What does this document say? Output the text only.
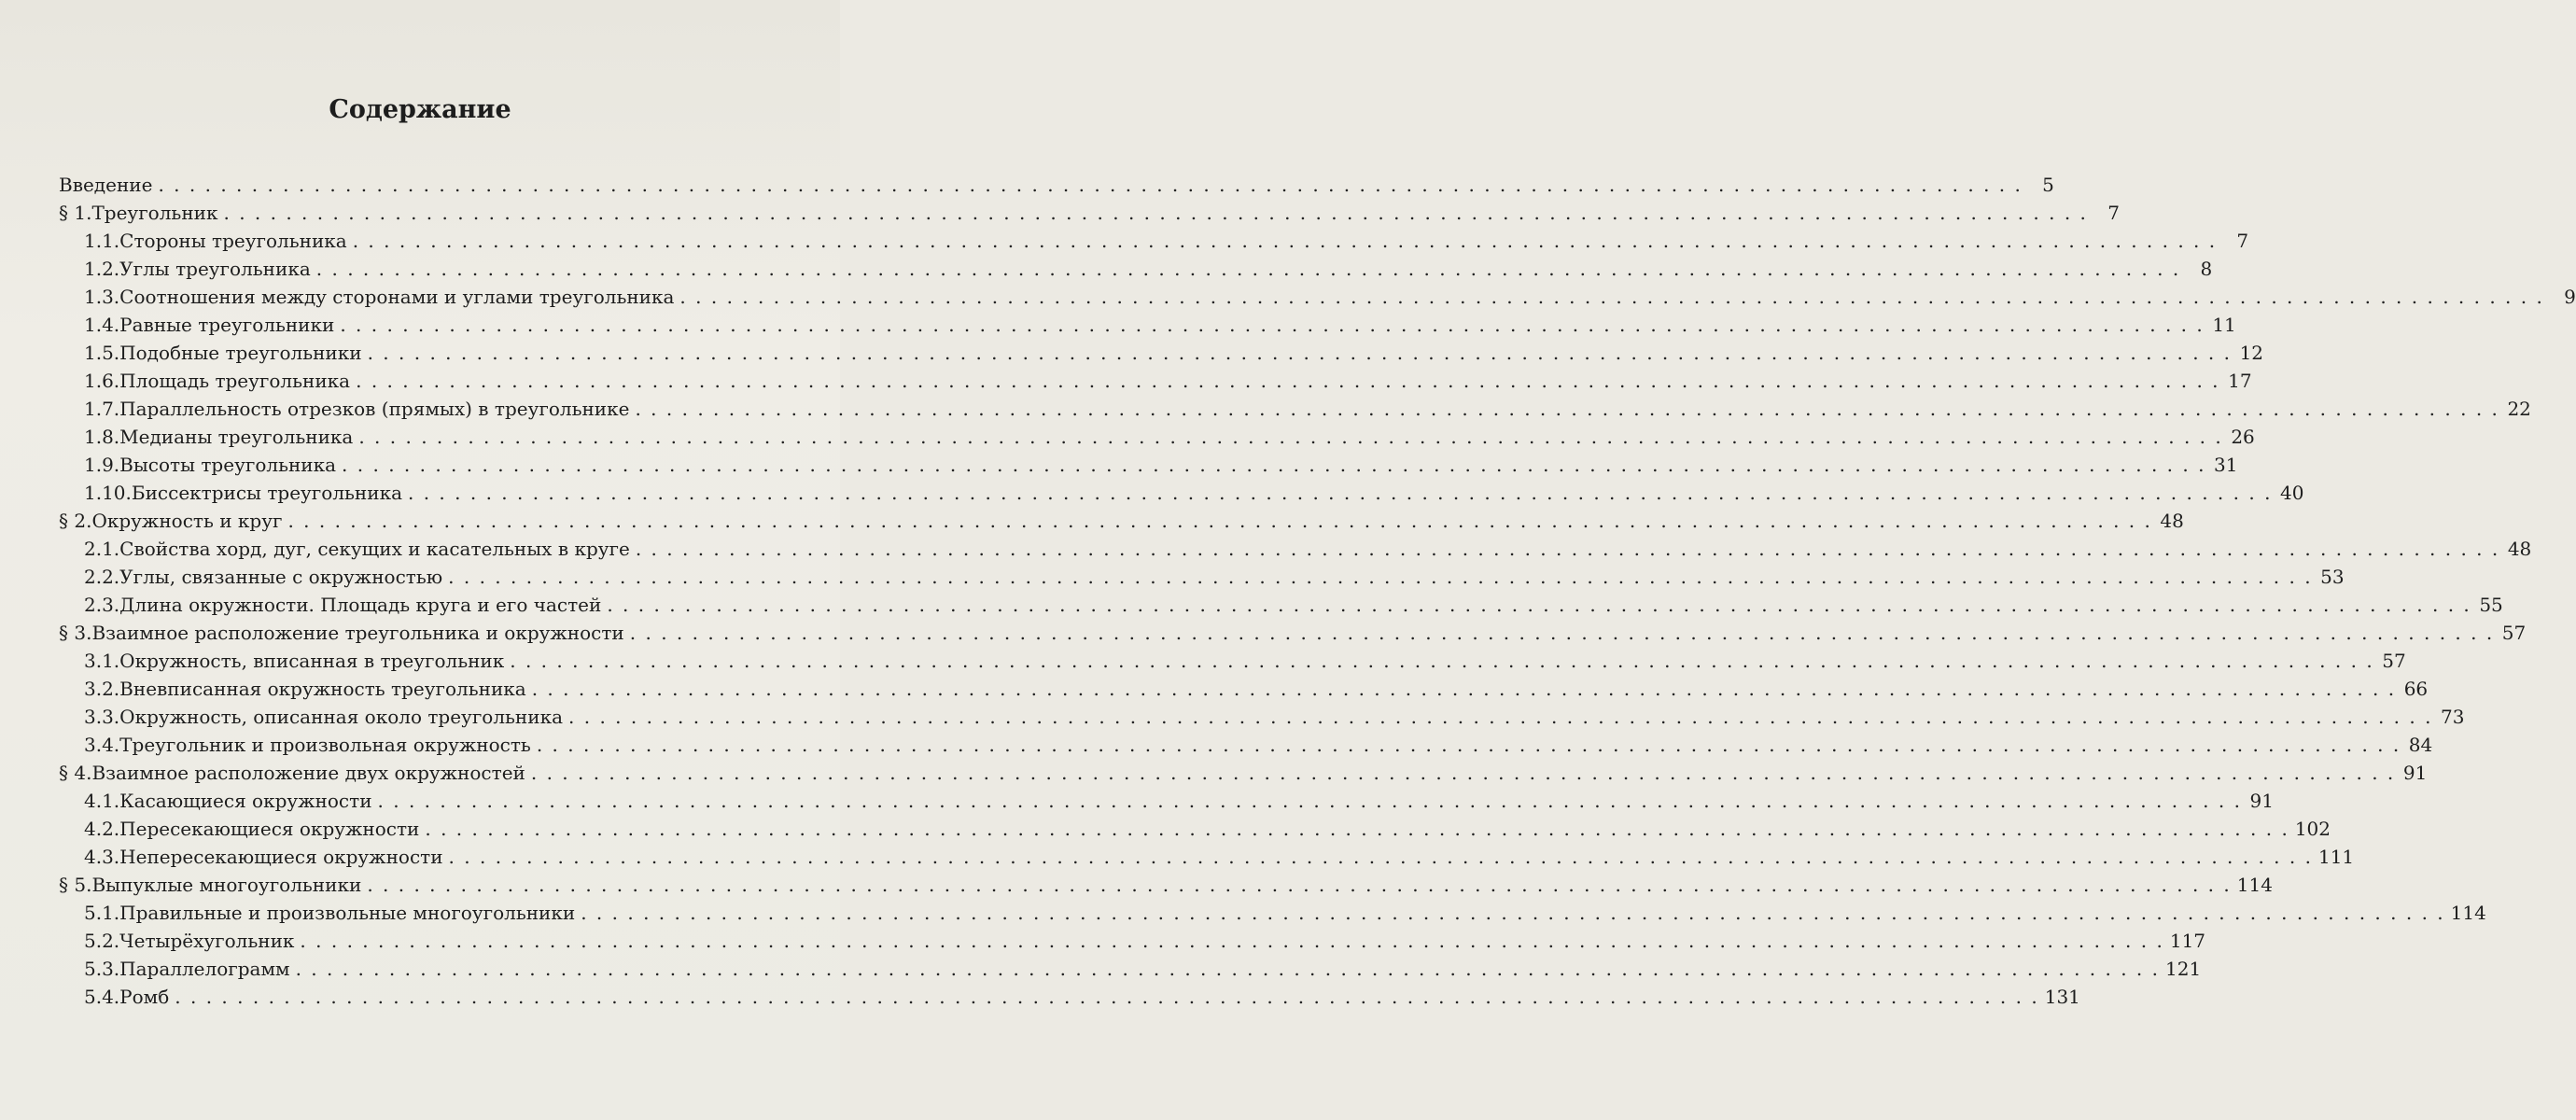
Содержание
Введение . . . . . . . . . . . . . . . . . . . . . . . . . . . . . . . . . . . . . . . . . . . . . . . . . . . . . . . . . . . . . . . . . . . . . . . . . . . . . . . . . . . . . . . . . . . . . . . . . . . . . . . . . . . . . . . . . . . . . . . .	5
§ 1. Треугольник . . . . . . . . . . . . . . . . . . . . . . . . . . . . . . . . . . . . . . . . . . . . . . . . . . . . . . . . . . . . . . . . . . . . . . . . . . . . . . . . . . . . . . . . . . . . . . . . . . . . . . . . . . . . . . . . . . . . . . . .	7
1.1. Стороны треугольника . . . . . . . . . . . . . . . . . . . . . . . . . . . . . . . . . . . . . . . . . . . . . . . . . . . . . . . . . . . . . . . . . . . . . . . . . . . . . . . . . . . . . . . . . . . . . . . . . . . . . . . . . . . . . . . . . . . . . . . .	7
1.2. Углы треугольника . . . . . . . . . . . . . . . . . . . . . . . . . . . . . . . . . . . . . . . . . . . . . . . . . . . . . . . . . . . . . . . . . . . . . . . . . . . . . . . . . . . . . . . . . . . . . . . . . . . . . . . . . . . . . . . . . . . . . . . .	8
1.3. Соотношения между сторонами и углами треугольника . . . . . . . . . . . . . . . . . . . . . . . . . . . . . . . . . . . . . . . . . . . . . . . . . . . . . . . . . . . . . . . . . . . . . . . . . . . . . . . . . . . . . . . . . . . . . . . . . . . . . . . . . . . . . . . . . . . . . . . .	9
1.4. Равные треугольники . . . . . . . . . . . . . . . . . . . . . . . . . . . . . . . . . . . . . . . . . . . . . . . . . . . . . . . . . . . . . . . . . . . . . . . . . . . . . . . . . . . . . . . . . . . . . . . . . . . . . . . . . . . . . . . . . . . . . . . . 11
1.5. Подобные треугольники . . . . . . . . . . . . . . . . . . . . . . . . . . . . . . . . . . . . . . . . . . . . . . . . . . . . . . . . . . . . . . . . . . . . . . . . . . . . . . . . . . . . . . . . . . . . . . . . . . . . . . . . . . . . . . . . . . . . . . . . 12
1.6. Площадь треугольника . . . . . . . . . . . . . . . . . . . . . . . . . . . . . . . . . . . . . . . . . . . . . . . . . . . . . . . . . . . . . . . . . . . . . . . . . . . . . . . . . . . . . . . . . . . . . . . . . . . . . . . . . . . . . . . . . . . . . . . . 17
1.7. Параллельность отрезков (прямых) в треугольнике . . . . . . . . . . . . . . . . . . . . . . . . . . . . . . . . . . . . . . . . . . . . . . . . . . . . . . . . . . . . . . . . . . . . . . . . . . . . . . . . . . . . . . . . . . . . . . . . . . . . . . . . . . . . . . . . . . . . . . . . 22
1.8. Медианы треугольника . . . . . . . . . . . . . . . . . . . . . . . . . . . . . . . . . . . . . . . . . . . . . . . . . . . . . . . . . . . . . . . . . . . . . . . . . . . . . . . . . . . . . . . . . . . . . . . . . . . . . . . . . . . . . . . . . . . . . . . . 26
1.9. Высоты треугольника . . . . . . . . . . . . . . . . . . . . . . . . . . . . . . . . . . . . . . . . . . . . . . . . . . . . . . . . . . . . . . . . . . . . . . . . . . . . . . . . . . . . . . . . . . . . . . . . . . . . . . . . . . . . . . . . . . . . . . . . 31
1.10. Биссектрисы треугольника . . . . . . . . . . . . . . . . . . . . . . . . . . . . . . . . . . . . . . . . . . . . . . . . . . . . . . . . . . . . . . . . . . . . . . . . . . . . . . . . . . . . . . . . . . . . . . . . . . . . . . . . . . . . . . . . . . . . . . . . 40
§ 2. Окружность и круг . . . . . . . . . . . . . . . . . . . . . . . . . . . . . . . . . . . . . . . . . . . . . . . . . . . . . . . . . . . . . . . . . . . . . . . . . . . . . . . . . . . . . . . . . . . . . . . . . . . . . . . . . . . . . . . . . . . . . . . . 48
2.1. Свойства хорд, дуг, секущих и касательных в круге . . . . . . . . . . . . . . . . . . . . . . . . . . . . . . . . . . . . . . . . . . . . . . . . . . . . . . . . . . . . . . . . . . . . . . . . . . . . . . . . . . . . . . . . . . . . . . . . . . . . . . . . . . . . . . . . . . . . . . . . 48
2.2. Углы, связанные с окружностью . . . . . . . . . . . . . . . . . . . . . . . . . . . . . . . . . . . . . . . . . . . . . . . . . . . . . . . . . . . . . . . . . . . . . . . . . . . . . . . . . . . . . . . . . . . . . . . . . . . . . . . . . . . . . . . . . . . . . . . . 53
2.3. Длина окружности. Площадь круга и его частей . . . . . . . . . . . . . . . . . . . . . . . . . . . . . . . . . . . . . . . . . . . . . . . . . . . . . . . . . . . . . . . . . . . . . . . . . . . . . . . . . . . . . . . . . . . . . . . . . . . . . . . . . . . . . . . . . . . . . . . . 55
§ 3. Взаимное расположение треугольника и окружности . . . . . . . . . . . . . . . . . . . . . . . . . . . . . . . . . . . . . . . . . . . . . . . . . . . . . . . . . . . . . . . . . . . . . . . . . . . . . . . . . . . . . . . . . . . . . . . . . . . . . . . . . . . . . . . . . . . . . . . . 57
3.1. Окружность, вписанная в треугольник . . . . . . . . . . . . . . . . . . . . . . . . . . . . . . . . . . . . . . . . . . . . . . . . . . . . . . . . . . . . . . . . . . . . . . . . . . . . . . . . . . . . . . . . . . . . . . . . . . . . . . . . . . . . . . . . . . . . . . . . 57
3.2. Вневписанная окружность треугольника . . . . . . . . . . . . . . . . . . . . . . . . . . . . . . . . . . . . . . . . . . . . . . . . . . . . . . . . . . . . . . . . . . . . . . . . . . . . . . . . . . . . . . . . . . . . . . . . . . . . . . . . . . . . . . . . . . . . . . . . 66
3.3. Окружность, описанная около треугольника . . . . . . . . . . . . . . . . . . . . . . . . . . . . . . . . . . . . . . . . . . . . . . . . . . . . . . . . . . . . . . . . . . . . . . . . . . . . . . . . . . . . . . . . . . . . . . . . . . . . . . . . . . . . . . . . . . . . . . . . 73
3.4. Треугольник и произвольная окружность . . . . . . . . . . . . . . . . . . . . . . . . . . . . . . . . . . . . . . . . . . . . . . . . . . . . . . . . . . . . . . . . . . . . . . . . . . . . . . . . . . . . . . . . . . . . . . . . . . . . . . . . . . . . . . . . . . . . . . . . 84
§ 4. Взаимное расположение двух окружностей . . . . . . . . . . . . . . . . . . . . . . . . . . . . . . . . . . . . . . . . . . . . . . . . . . . . . . . . . . . . . . . . . . . . . . . . . . . . . . . . . . . . . . . . . . . . . . . . . . . . . . . . . . . . . . . . . . . . . . . . 91
4.1. Касающиеся окружности . . . . . . . . . . . . . . . . . . . . . . . . . . . . . . . . . . . . . . . . . . . . . . . . . . . . . . . . . . . . . . . . . . . . . . . . . . . . . . . . . . . . . . . . . . . . . . . . . . . . . . . . . . . . . . . . . . . . . . . . 91
4.2. Пересекающиеся окружности . . . . . . . . . . . . . . . . . . . . . . . . . . . . . . . . . . . . . . . . . . . . . . . . . . . . . . . . . . . . . . . . . . . . . . . . . . . . . . . . . . . . . . . . . . . . . . . . . . . . . . . . . . . . . . . . . . . . . . . . 102
4.3. Непересекающиеся окружности . . . . . . . . . . . . . . . . . . . . . . . . . . . . . . . . . . . . . . . . . . . . . . . . . . . . . . . . . . . . . . . . . . . . . . . . . . . . . . . . . . . . . . . . . . . . . . . . . . . . . . . . . . . . . . . . . . . . . . . . 111
§ 5. Выпуклые многоугольники . . . . . . . . . . . . . . . . . . . . . . . . . . . . . . . . . . . . . . . . . . . . . . . . . . . . . . . . . . . . . . . . . . . . . . . . . . . . . . . . . . . . . . . . . . . . . . . . . . . . . . . . . . . . . . . . . . . . . . . . 114
5.1. Правильные и произвольные многоугольники . . . . . . . . . . . . . . . . . . . . . . . . . . . . . . . . . . . . . . . . . . . . . . . . . . . . . . . . . . . . . . . . . . . . . . . . . . . . . . . . . . . . . . . . . . . . . . . . . . . . . . . . . . . . . . . . . . . . . . . . 114
5.2. Четырёхугольник . . . . . . . . . . . . . . . . . . . . . . . . . . . . . . . . . . . . . . . . . . . . . . . . . . . . . . . . . . . . . . . . . . . . . . . . . . . . . . . . . . . . . . . . . . . . . . . . . . . . . . . . . . . . . . . . . . . . . . . . 117
5.3. Параллелограмм . . . . . . . . . . . . . . . . . . . . . . . . . . . . . . . . . . . . . . . . . . . . . . . . . . . . . . . . . . . . . . . . . . . . . . . . . . . . . . . . . . . . . . . . . . . . . . . . . . . . . . . . . . . . . . . . . . . . . . . . 121
5.4. Ромб . . . . . . . . . . . . . . . . . . . . . . . . . . . . . . . . . . . . . . . . . . . . . . . . . . . . . . . . . . . . . . . . . . . . . . . . . . . . . . . . . . . . . . . . . . . . . . . . . . . . . . . . . . . . . . . . . . . . . . . . 131
